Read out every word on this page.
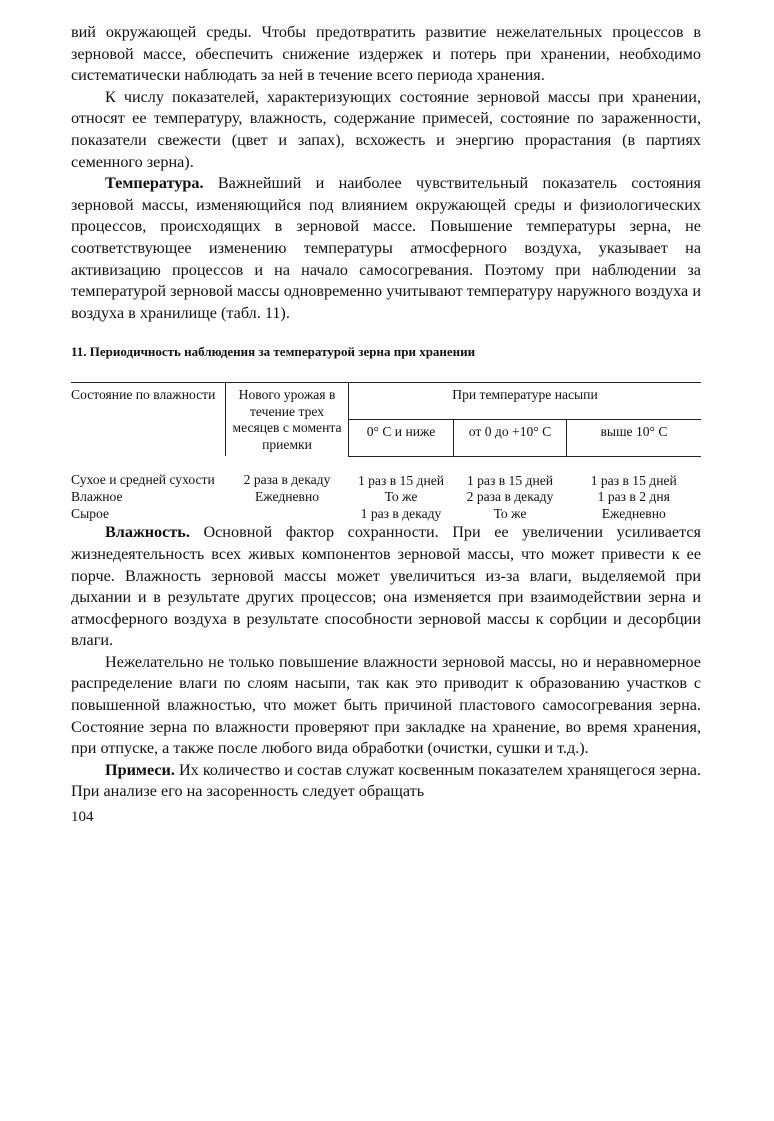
вий окружающей среды. Чтобы предотвратить развитие нежелательных процессов в зерновой массе, обеспечить снижение издержек и потерь при хранении, необходимо систематически наблюдать за ней в течение всего периода хранения.

К числу показателей, характеризующих состояние зерновой массы при хранении, относят ее температуру, влажность, содержание примесей, состояние по зараженности, показатели свежести (цвет и запах), всхожесть и энергию прорастания (в партиях семенного зерна).

Температура. Важнейший и наиболее чувствительный показатель состояния зерновой массы, изменяющийся под влиянием окружающей среды и физиологических процессов, происходящих в зерновой массе. Повышение температуры зерна, не соответствующее изменению температуры атмосферного воздуха, указывает на активизацию процессов и на начало самосогревания. Поэтому при наблюдении за температурой зерновой массы одновременно учитывают температуру наружного воздуха и воздуха в хранилище (табл. 11).

11. Периодичность наблюдения за температурой зерна при хранении
Состояние по влажности	Нового урожая в течение трех месяцев с момента приемки	При температуре насыпи		
		0° С и ниже	от 0 до +10° С	выше 10° С
Сухое и средней сухости	2 раза в декаду	1 раз в 15 дней	1 раз в 15 дней	1 раз в 15 дней
Влажное	Ежедневно	То же	2 раза в декаду	1 раз в 2 дня
Сырое		1 раз в декаду	То же	Ежедневно

Влажность. Основной фактор сохранности. При ее увеличении усиливается жизнедеятельность всех живых компонентов зерновой массы, что может привести к ее порче. Влажность зерновой массы может увеличиться из-за влаги, выделяемой при дыхании и в результате других процессов; она изменяется при взаимодействии зерна и атмосферного воздуха в результате способности зерновой массы к сорбции и десорбции влаги.

Нежелательно не только повышение влажности зерновой массы, но и неравномерное распределение влаги по слоям насыпи, так как это приводит к образованию участков с повышенной влажностью, что может быть причиной пластового самосогревания зерна. Состояние зерна по влажности проверяют при закладке на хранение, во время хранения, при отпуске, а также после любого вида обработки (очистки, сушки и т.д.).

Примеси. Их количество и состав служат косвенным показателем хранящегося зерна. При анализе его на засоренность следует обращать

104
